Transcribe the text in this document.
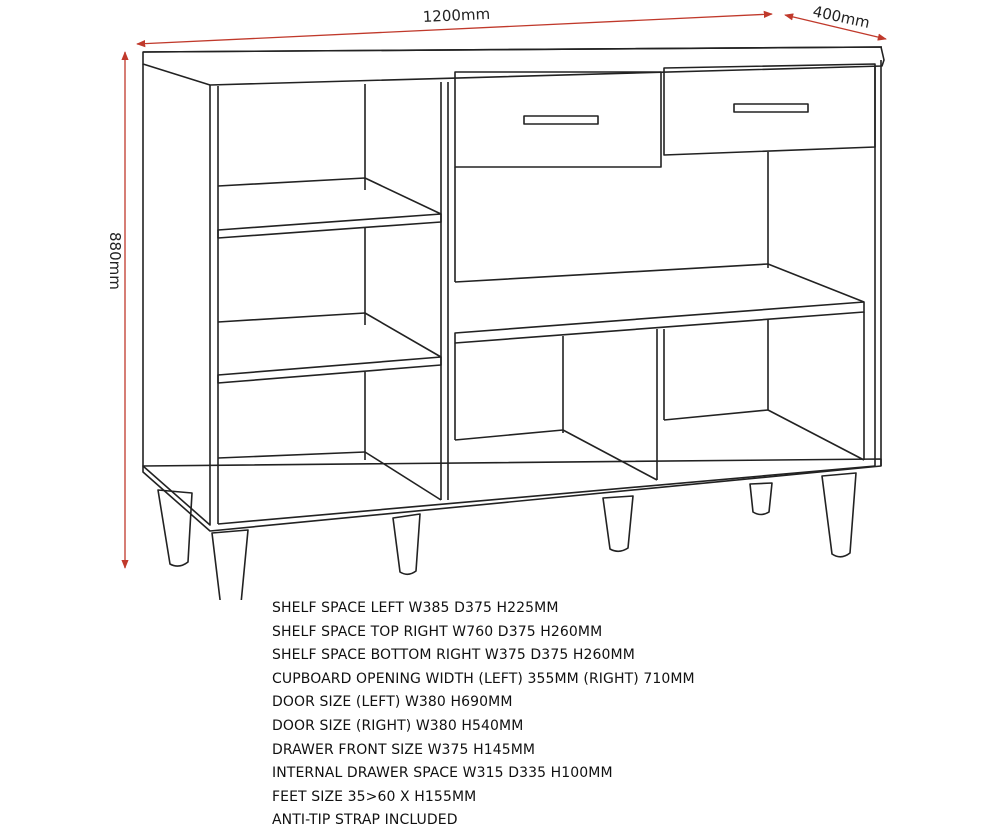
1200mm	400mm
880mm
SHELF SPACE LEFT W385 D375 H225MM
SHELF SPACE TOP RIGHT W760 D375 H260MM
SHELF SPACE BOTTOM RIGHT W375 D375 H260MM
CUPBOARD OPENING WIDTH (LEFT) 355MM (RIGHT) 710MM
DOOR SIZE (LEFT) W380 H690MM
DOOR SIZE (RIGHT) W380 H540MM
DRAWER FRONT SIZE W375 H145MM
INTERNAL DRAWER SPACE W315 D335 H100MM
FEET SIZE 35>60 X H155MM
ANTI-TIP STRAP INCLUDED
